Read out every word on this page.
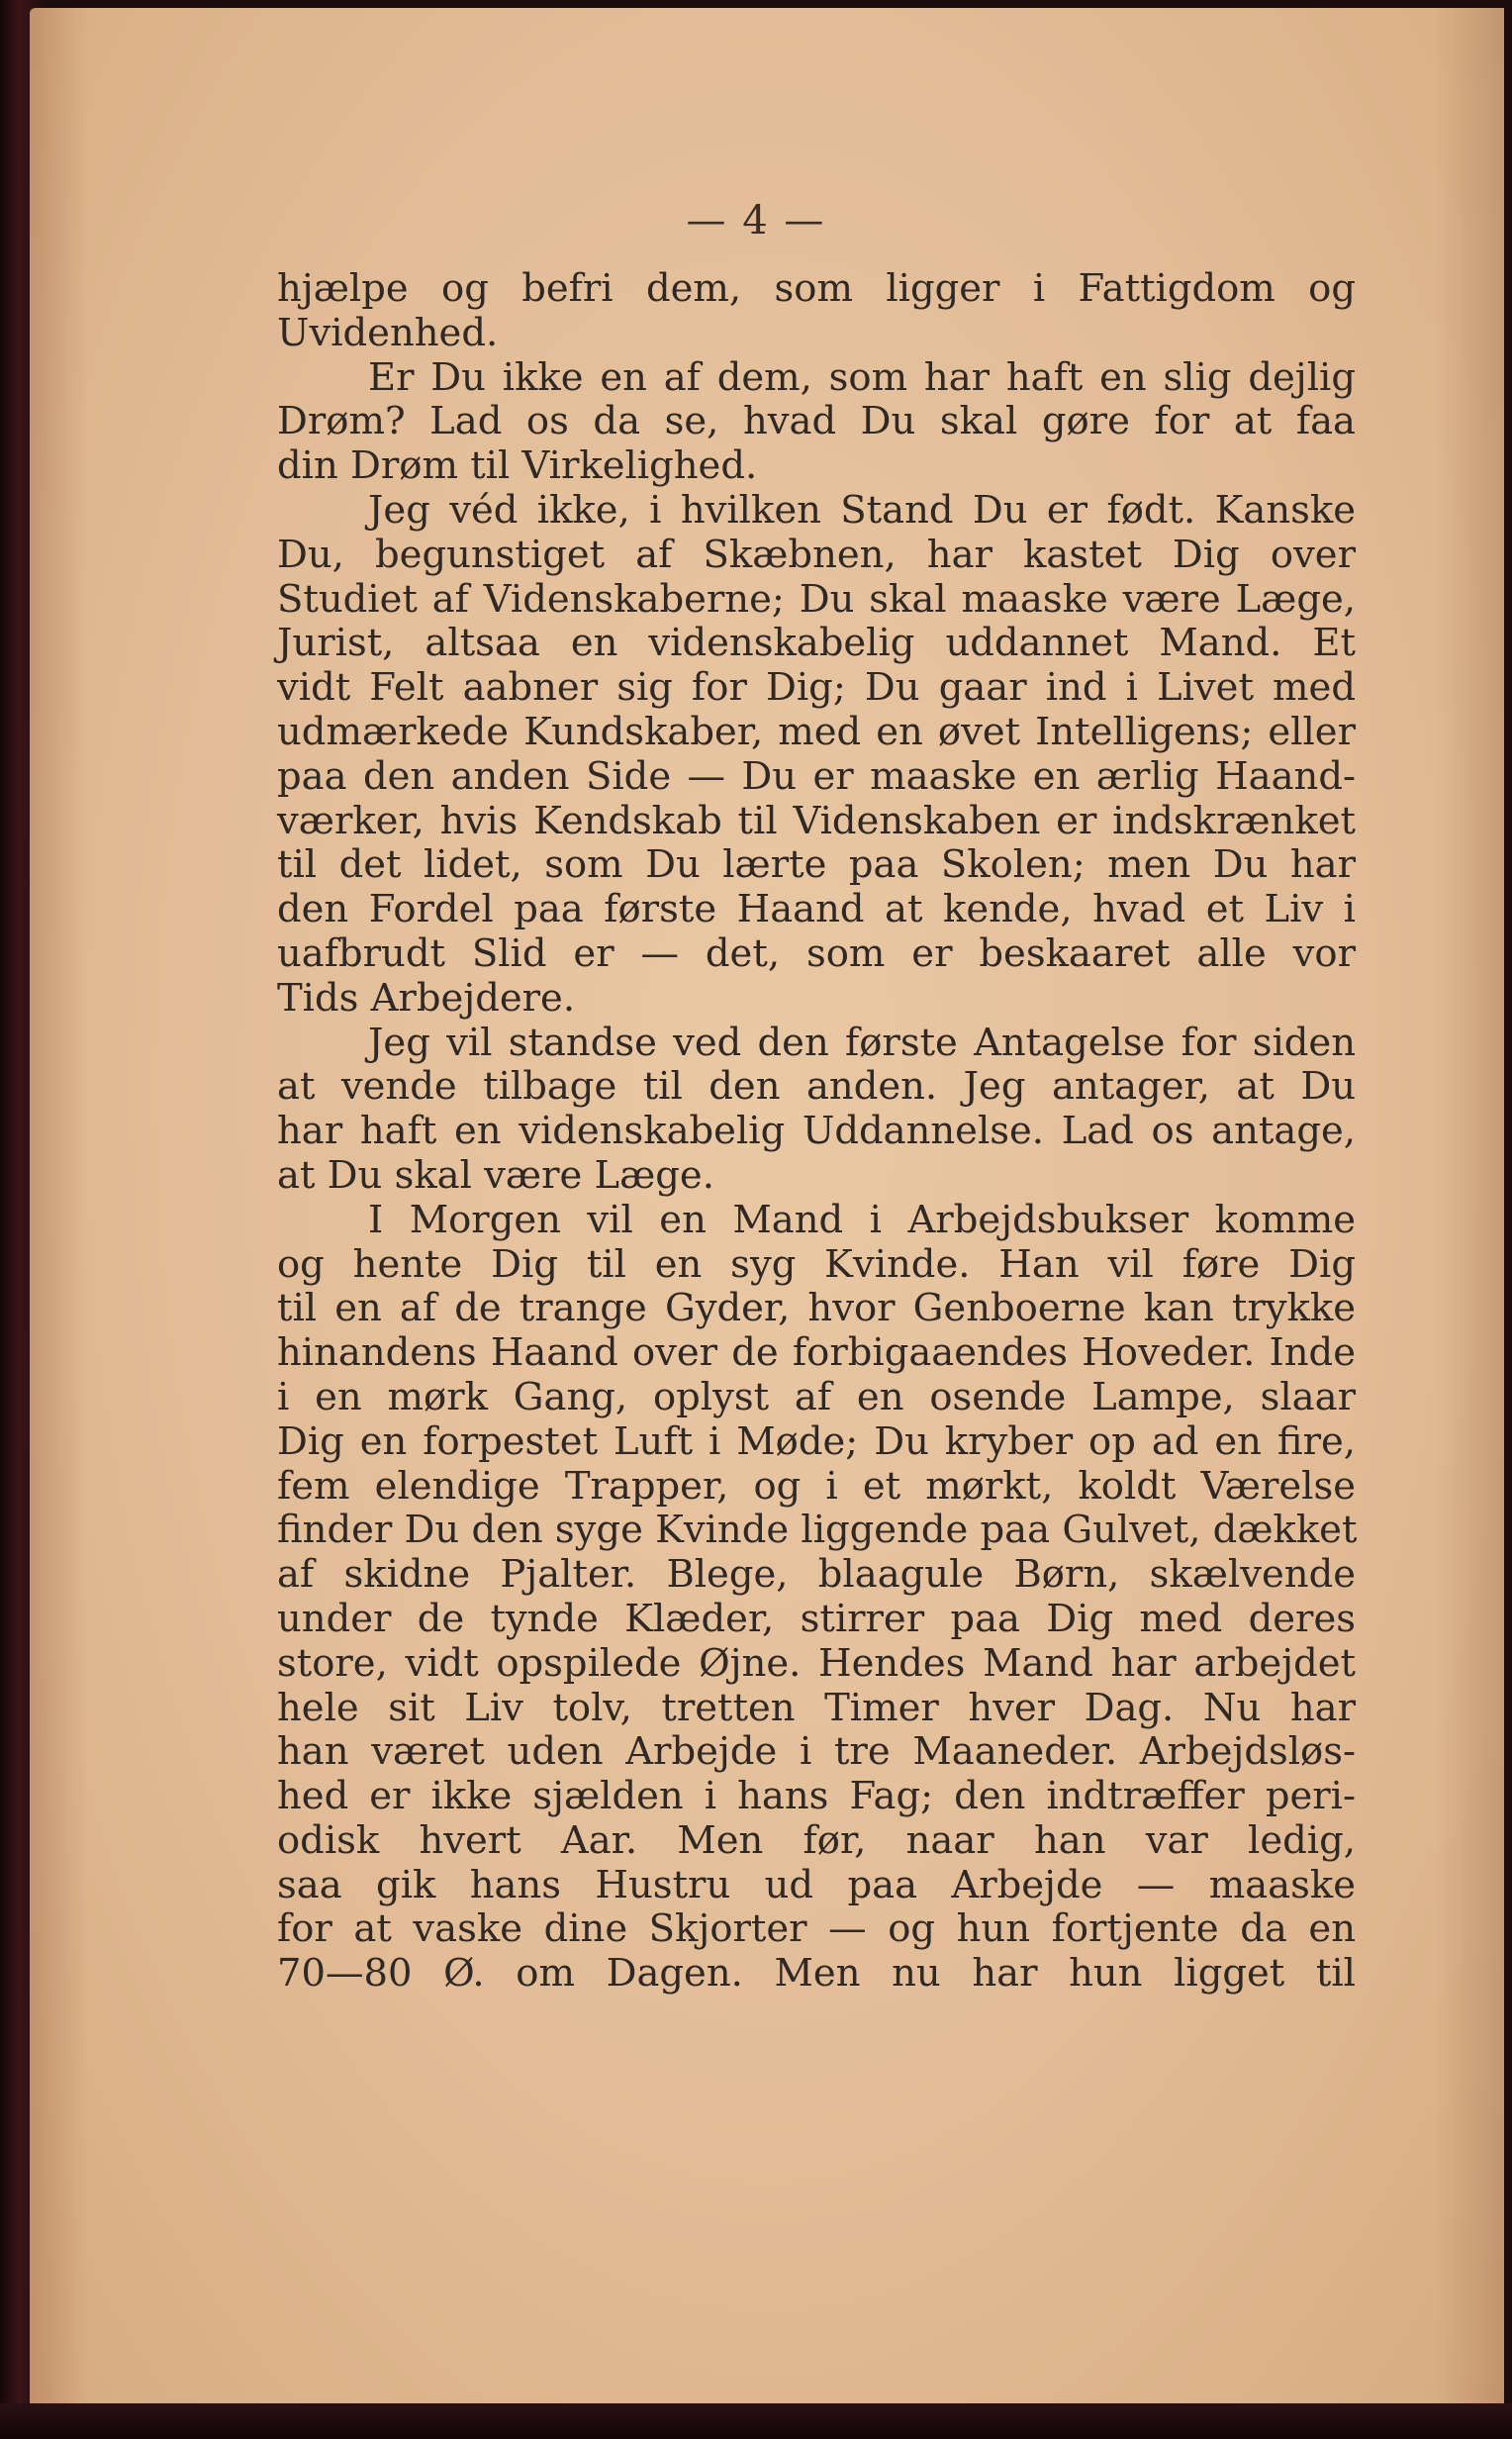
— 4 —
hjælpe og befri dem, som ligger i Fattigdom og
Uvidenhed.
Er Du ikke en af dem, som har haft en slig dejlig
Drøm? Lad os da se, hvad Du skal gøre for at faa
din Drøm til Virkelighed.
Jeg véd ikke, i hvilken Stand Du er født. Kanske
Du, begunstiget af Skæbnen, har kastet Dig over
Studiet af Videnskaberne; Du skal maaske være Læge,
Jurist, altsaa en videnskabelig uddannet Mand. Et
vidt Felt aabner sig for Dig; Du gaar ind i Livet med
udmærkede Kundskaber, med en øvet Intelligens; eller
paa den anden Side — Du er maaske en ærlig Haand-
værker, hvis Kendskab til Videnskaben er indskrænket
til det lidet, som Du lærte paa Skolen; men Du har
den Fordel paa første Haand at kende, hvad et Liv i
uafbrudt Slid er — det, som er beskaaret alle vor
Tids Arbejdere.
Jeg vil standse ved den første Antagelse for siden
at vende tilbage til den anden. Jeg antager, at Du
har haft en videnskabelig Uddannelse. Lad os antage,
at Du skal være Læge.
I Morgen vil en Mand i Arbejdsbukser komme
og hente Dig til en syg Kvinde. Han vil føre Dig
til en af de trange Gyder, hvor Genboerne kan trykke
hinandens Haand over de forbigaaendes Hoveder. Inde
i en mørk Gang, oplyst af en osende Lampe, slaar
Dig en forpestet Luft i Møde; Du kryber op ad en fire,
fem elendige Trapper, og i et mørkt, koldt Værelse
finder Du den syge Kvinde liggende paa Gulvet, dækket
af skidne Pjalter. Blege, blaagule Børn, skælvende
under de tynde Klæder, stirrer paa Dig med deres
store, vidt opspilede Øjne. Hendes Mand har arbejdet
hele sit Liv tolv, tretten Timer hver Dag. Nu har
han været uden Arbejde i tre Maaneder. Arbejdsløs-
hed er ikke sjælden i hans Fag; den indtræffer peri-
odisk hvert Aar. Men før, naar han var ledig,
saa gik hans Hustru ud paa Arbejde — maaske
for at vaske dine Skjorter — og hun fortjente da en
70—80 Ø. om Dagen. Men nu har hun ligget til
